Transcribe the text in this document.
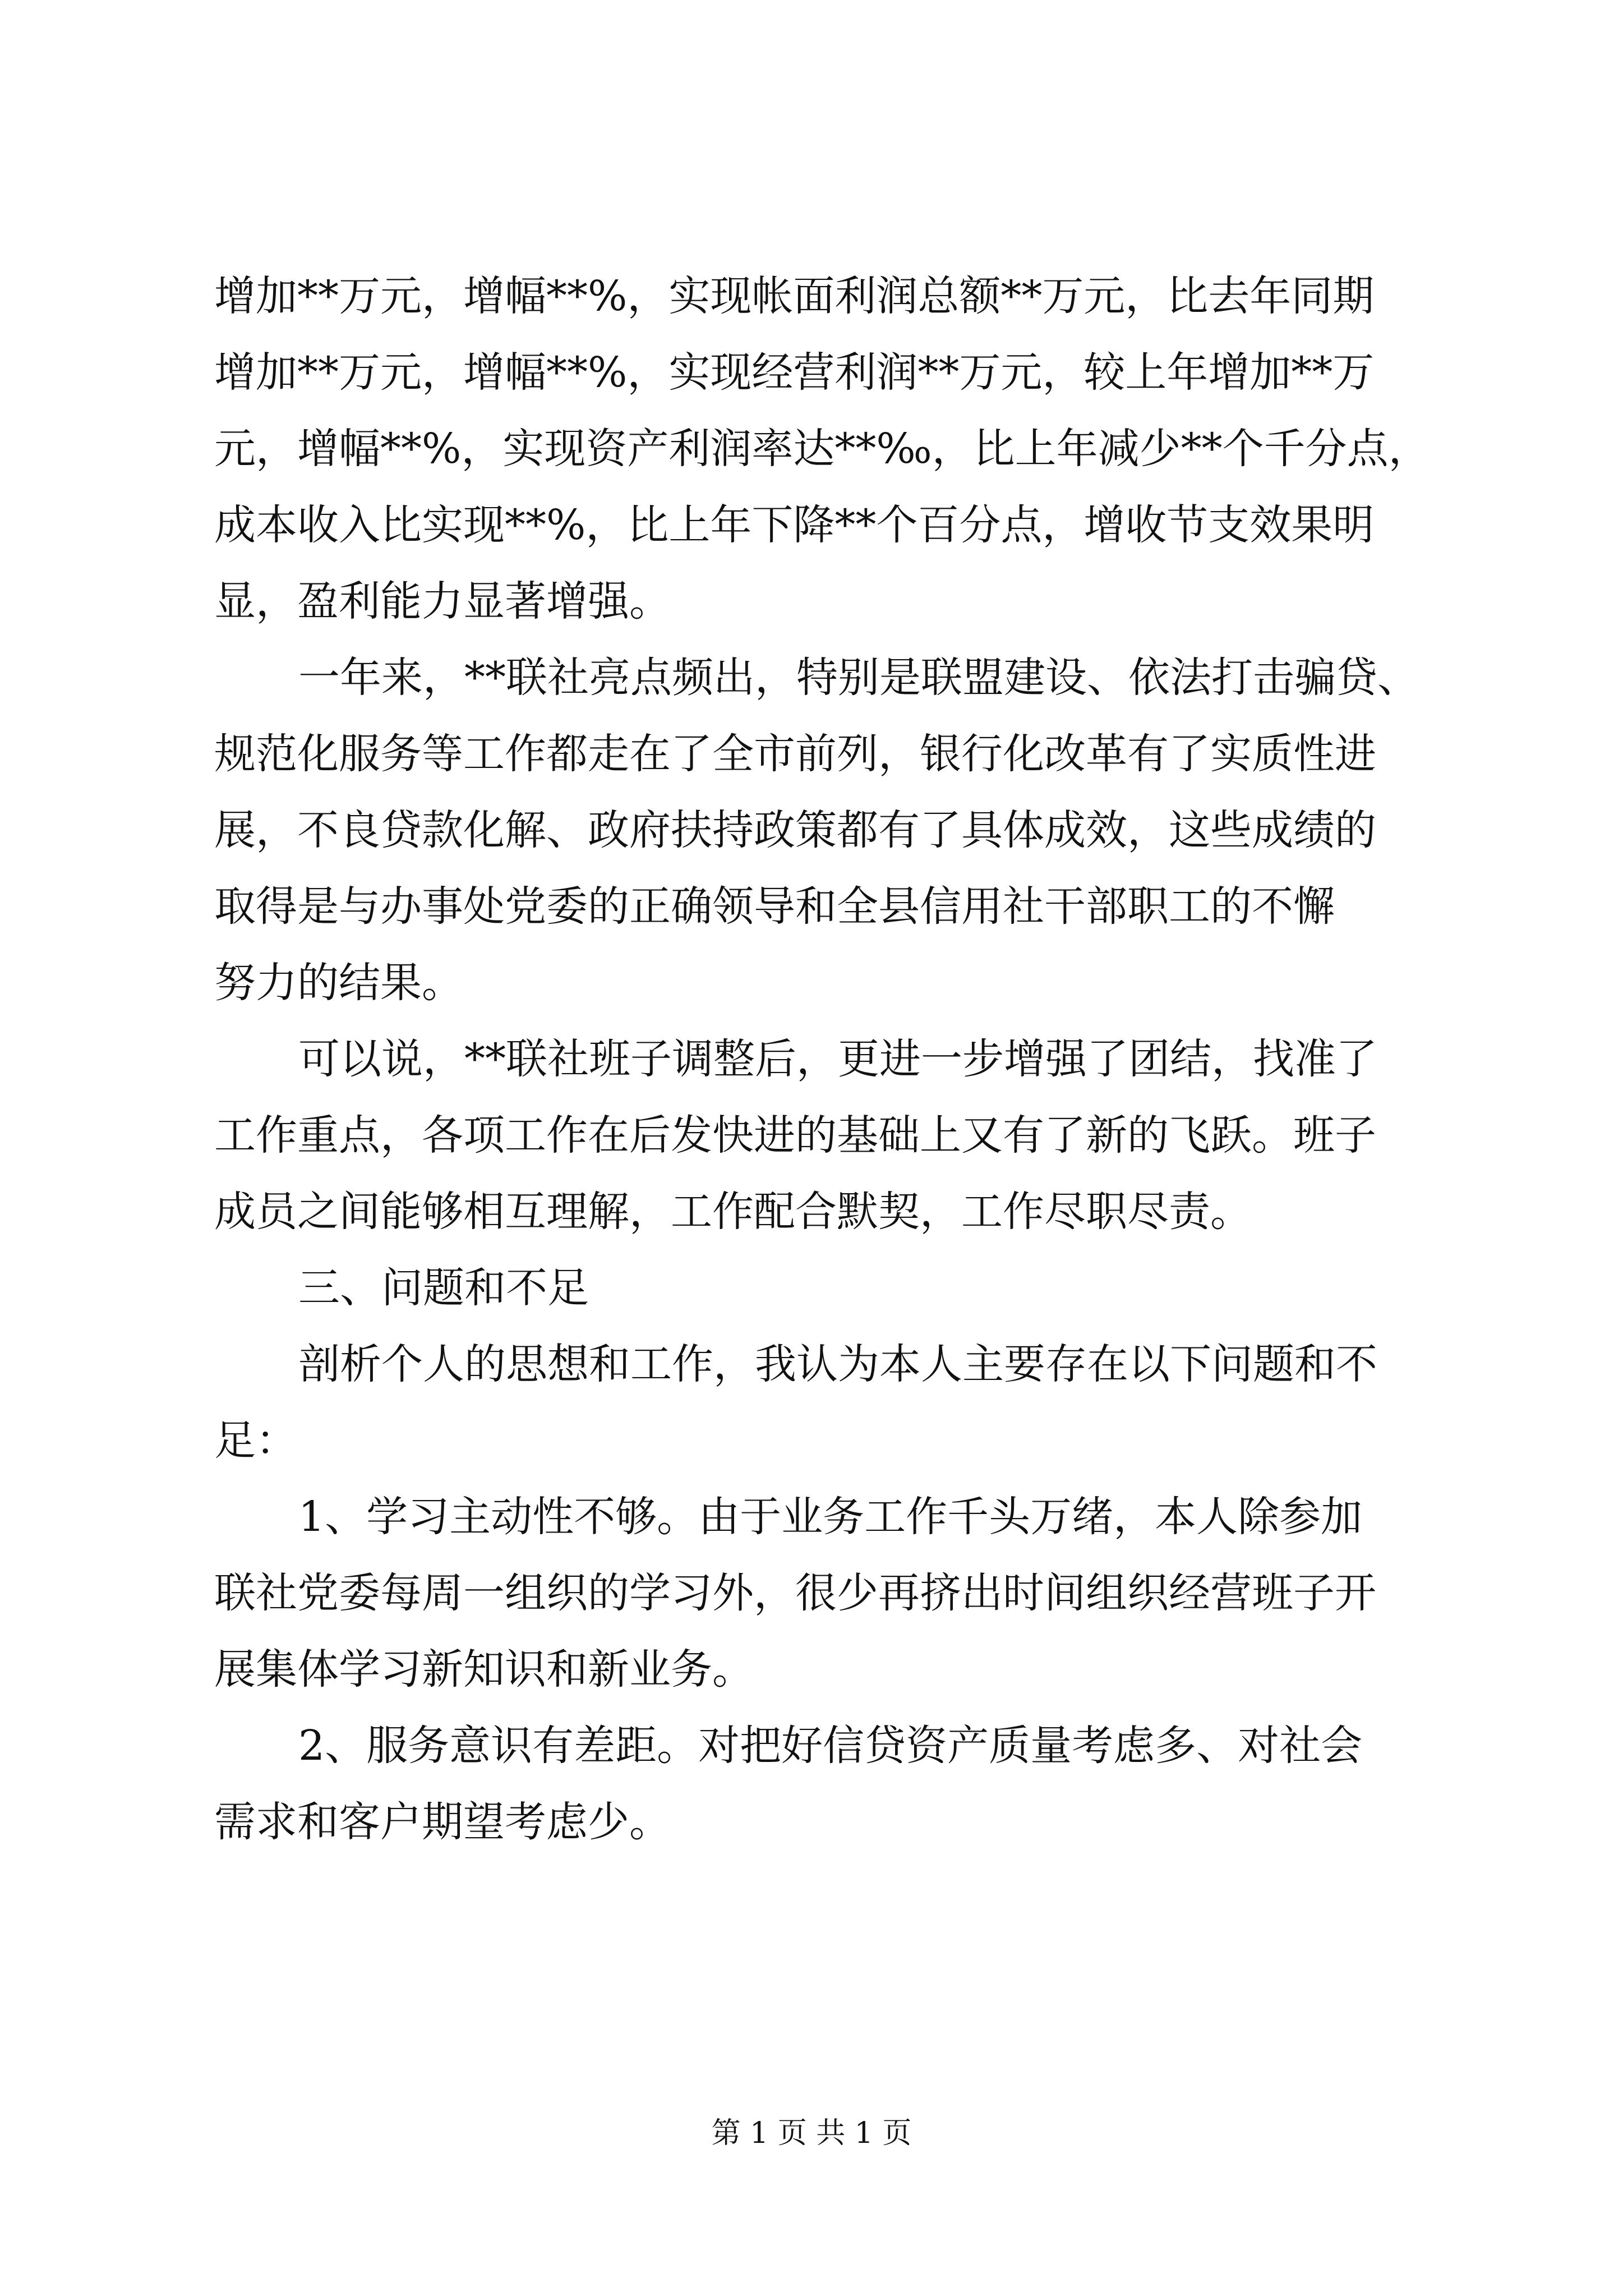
增加**万元，增幅**%，实现帐面利润总额**万元，比去年同期
增加**万元，增幅**%，实现经营利润**万元，较上年增加**万
元，增幅**%，实现资产利润率达**‰，比上年减少**个千分点，
成本收入比实现**%，比上年下降**个百分点，增收节支效果明
显，盈利能力显著增强。
一年来，**联社亮点频出，特别是联盟建设、依法打击骗贷、
规范化服务等工作都走在了全市前列，银行化改革有了实质性进
展，不良贷款化解、政府扶持政策都有了具体成效，这些成绩的
取得是与办事处党委的正确领导和全县信用社干部职工的不懈
努力的结果。
可以说，**联社班子调整后，更进一步增强了团结，找准了
工作重点，各项工作在后发快进的基础上又有了新的飞跃。班子
成员之间能够相互理解，工作配合默契，工作尽职尽责。
三、问题和不足
剖析个人的思想和工作，我认为本人主要存在以下问题和不
足：
1、学习主动性不够。由于业务工作千头万绪，本人除参加
联社党委每周一组织的学习外，很少再挤出时间组织经营班子开
展集体学习新知识和新业务。
2、服务意识有差距。对把好信贷资产质量考虑多、对社会
需求和客户期望考虑少。
第 1 页 共 1 页
